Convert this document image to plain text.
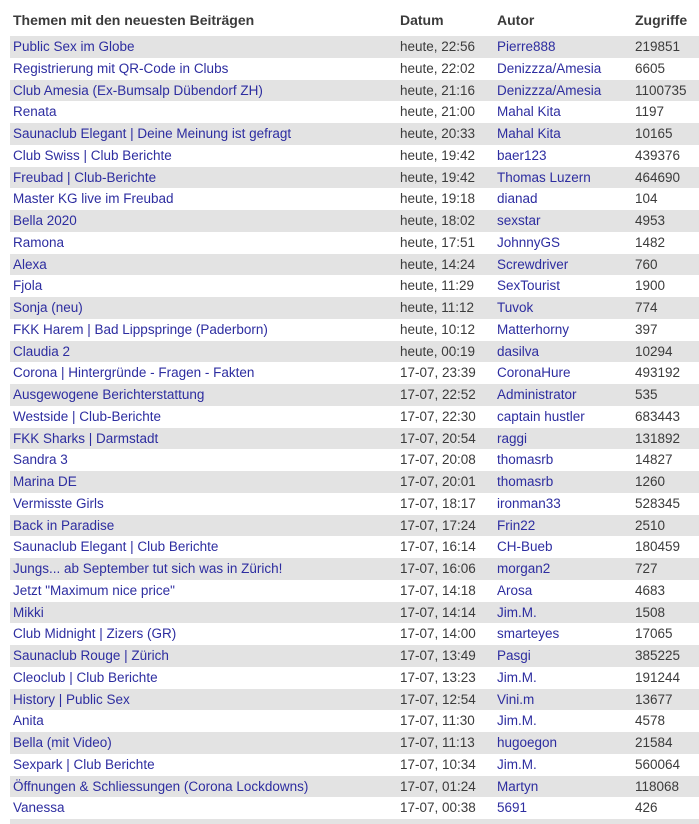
Themen mit den neuesten Beiträgen	Datum	Autor	Zugriffe
Public Sex im Globe	heute, 22:56	Pierre888	219851
Registrierung mit QR-Code in Clubs	heute, 22:02	Denizzza/Amesia	6605
Club Amesia (Ex-Bumsalp Dübendorf ZH)	heute, 21:16	Denizzza/Amesia	1100735
Renata	heute, 21:00	Mahal Kita	1197
Saunaclub Elegant | Deine Meinung ist gefragt	heute, 20:33	Mahal Kita	10165
Club Swiss | Club Berichte	heute, 19:42	baer123	439376
Freubad | Club-Berichte	heute, 19:42	Thomas Luzern	464690
Master KG live im Freubad	heute, 19:18	dianad	104
Bella 2020	heute, 18:02	sexstar	4953
Ramona	heute, 17:51	JohnnyGS	1482
Alexa	heute, 14:24	Screwdriver	760
Fjola	heute, 11:29	SexTourist	1900
Sonja (neu)	heute, 11:12	Tuvok	774
FKK Harem | Bad Lippspringe (Paderborn)	heute, 10:12	Matterhorny	397
Claudia 2	heute, 00:19	dasilva	10294
Corona | Hintergründe - Fragen - Fakten	17-07, 23:39	CoronaHure	493192
Ausgewogene Berichterstattung	17-07, 22:52	Administrator	535
Westside | Club-Berichte	17-07, 22:30	captain hustler	683443
FKK Sharks | Darmstadt	17-07, 20:54	raggi	131892
Sandra 3	17-07, 20:08	thomasrb	14827
Marina DE	17-07, 20:01	thomasrb	1260
Vermisste Girls	17-07, 18:17	ironman33	528345
Back in Paradise	17-07, 17:24	Frin22	2510
Saunaclub Elegant | Club Berichte	17-07, 16:14	CH-Bueb	180459
Jungs... ab September tut sich was in Zürich!	17-07, 16:06	morgan2	727
Jetzt "Maximum nice price"	17-07, 14:18	Arosa	4683
Mikki	17-07, 14:14	Jim.M.	1508
Club Midnight | Zizers (GR)	17-07, 14:00	smarteyes	17065
Saunaclub Rouge | Zürich	17-07, 13:49	Pasgi	385225
Cleoclub | Club Berichte	17-07, 13:23	Jim.M.	191244
History | Public Sex	17-07, 12:54	Vini.m	13677
Anita	17-07, 11:30	Jim.M.	4578
Bella (mit Video)	17-07, 11:13	hugoegon	21584
Sexpark | Club Berichte	17-07, 10:34	Jim.M.	560064
Öffnungen & Schliessungen (Corona Lockdowns)	17-07, 01:24	Martyn	118068
Vanessa	17-07, 00:38	5691	426
